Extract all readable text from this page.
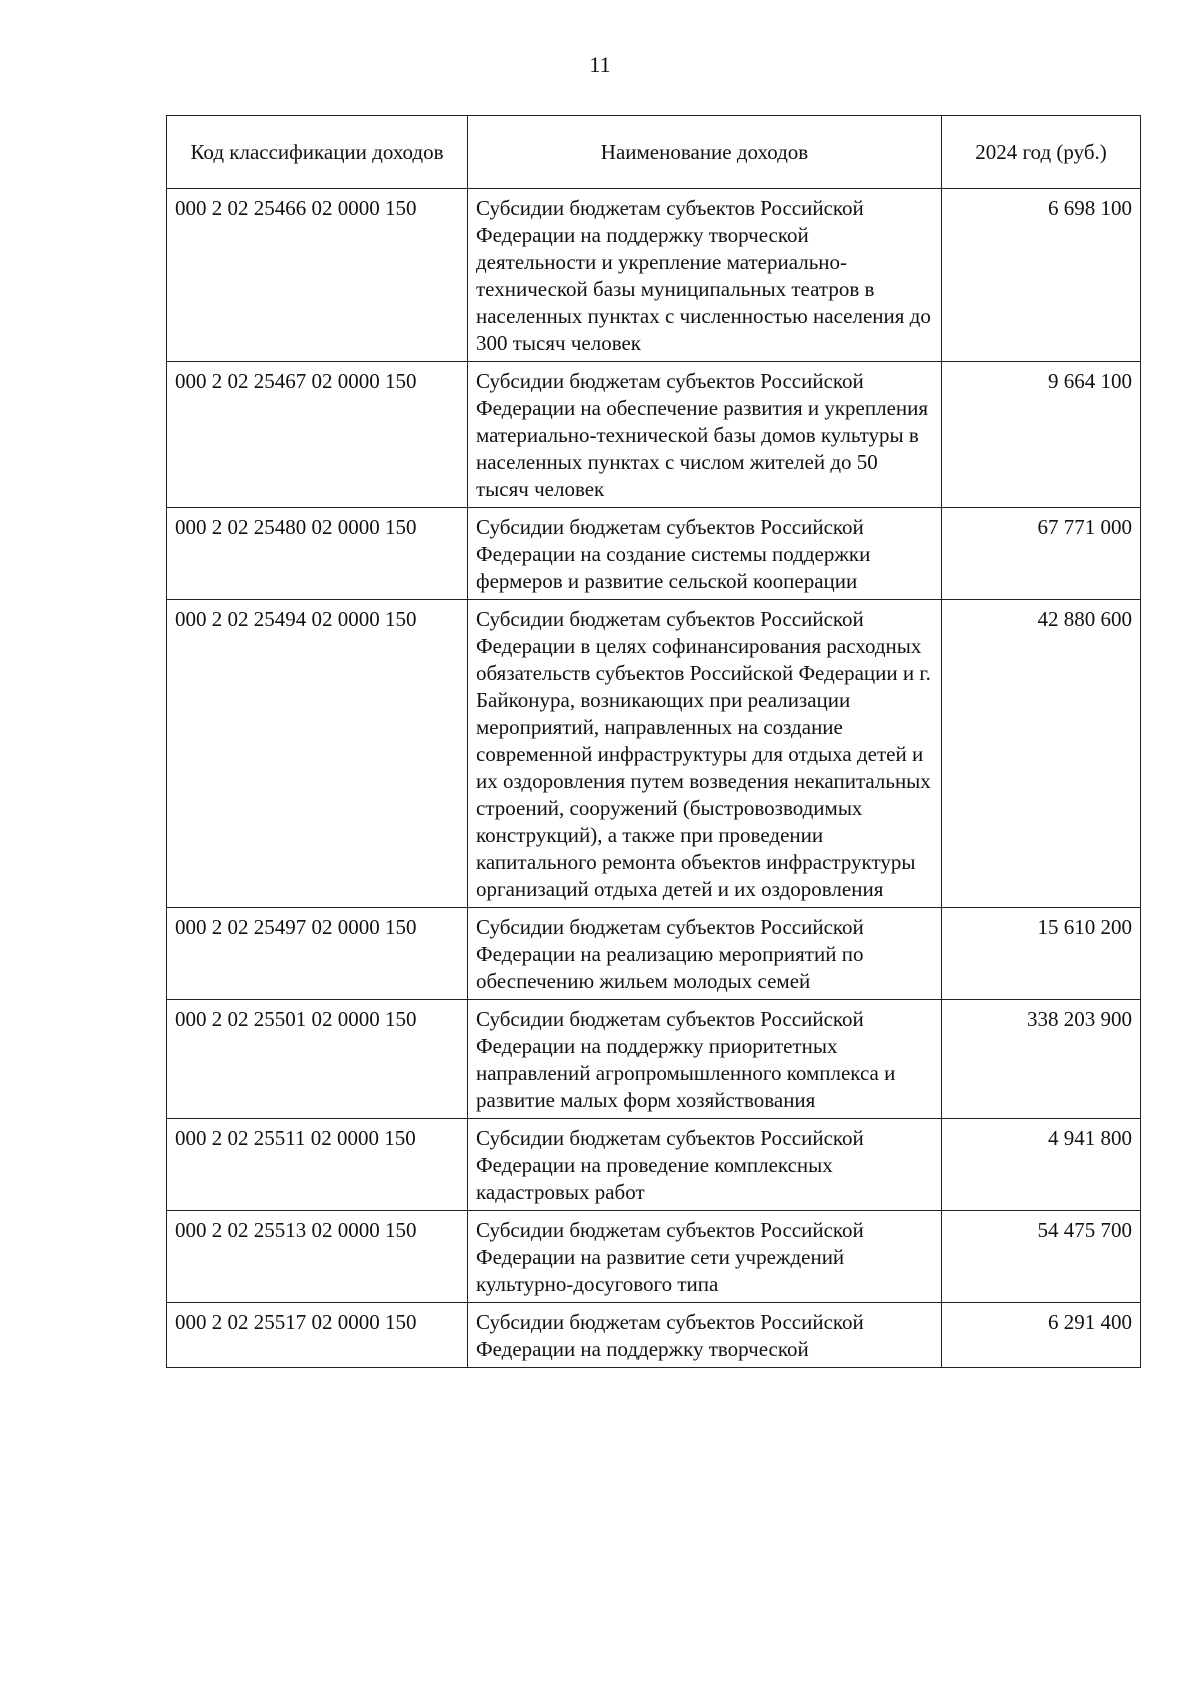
11
Код классификации доходов	Наименование доходов	2024 год (руб.)
000 2 02 25466 02 0000 150	Субсидии бюджетам субъектов Российской Федерации на поддержку творческой деятельности и укрепление материально-технической базы муниципальных театров в населенных пунктах с численностью населения до 300 тысяч человек	6 698 100
000 2 02 25467 02 0000 150	Субсидии бюджетам субъектов Российской Федерации на обеспечение развития и укрепления материально-технической базы домов культуры в населенных пунктах с числом жителей до 50 тысяч человек	9 664 100
000 2 02 25480 02 0000 150	Субсидии бюджетам субъектов Российской Федерации на создание системы поддержки фермеров и развитие сельской кооперации	67 771 000
000 2 02 25494 02 0000 150	Субсидии бюджетам субъектов Российской Федерации в целях софинансирования расходных обязательств субъектов Российской Федерации и г. Байконура, возникающих при реализации мероприятий, направленных на создание современной инфраструктуры для отдыха детей и их оздоровления путем возведения некапитальных строений, сооружений (быстровозводимых конструкций), а также при проведении капитального ремонта объектов инфраструктуры организаций отдыха детей и их оздоровления	42 880 600
000 2 02 25497 02 0000 150	Субсидии бюджетам субъектов Российской Федерации на реализацию мероприятий по обеспечению жильем молодых семей	15 610 200
000 2 02 25501 02 0000 150	Субсидии бюджетам субъектов Российской Федерации на поддержку приоритетных направлений агропромышленного комплекса и развитие малых форм хозяйствования	338 203 900
000 2 02 25511 02 0000 150	Субсидии бюджетам субъектов Российской Федерации на проведение комплексных кадастровых работ	4 941 800
000 2 02 25513 02 0000 150	Субсидии бюджетам субъектов Российской Федерации на развитие сети учреждений культурно-досугового типа	54 475 700
000 2 02 25517 02 0000 150	Субсидии бюджетам субъектов Российской Федерации на поддержку творческой	6 291 400
